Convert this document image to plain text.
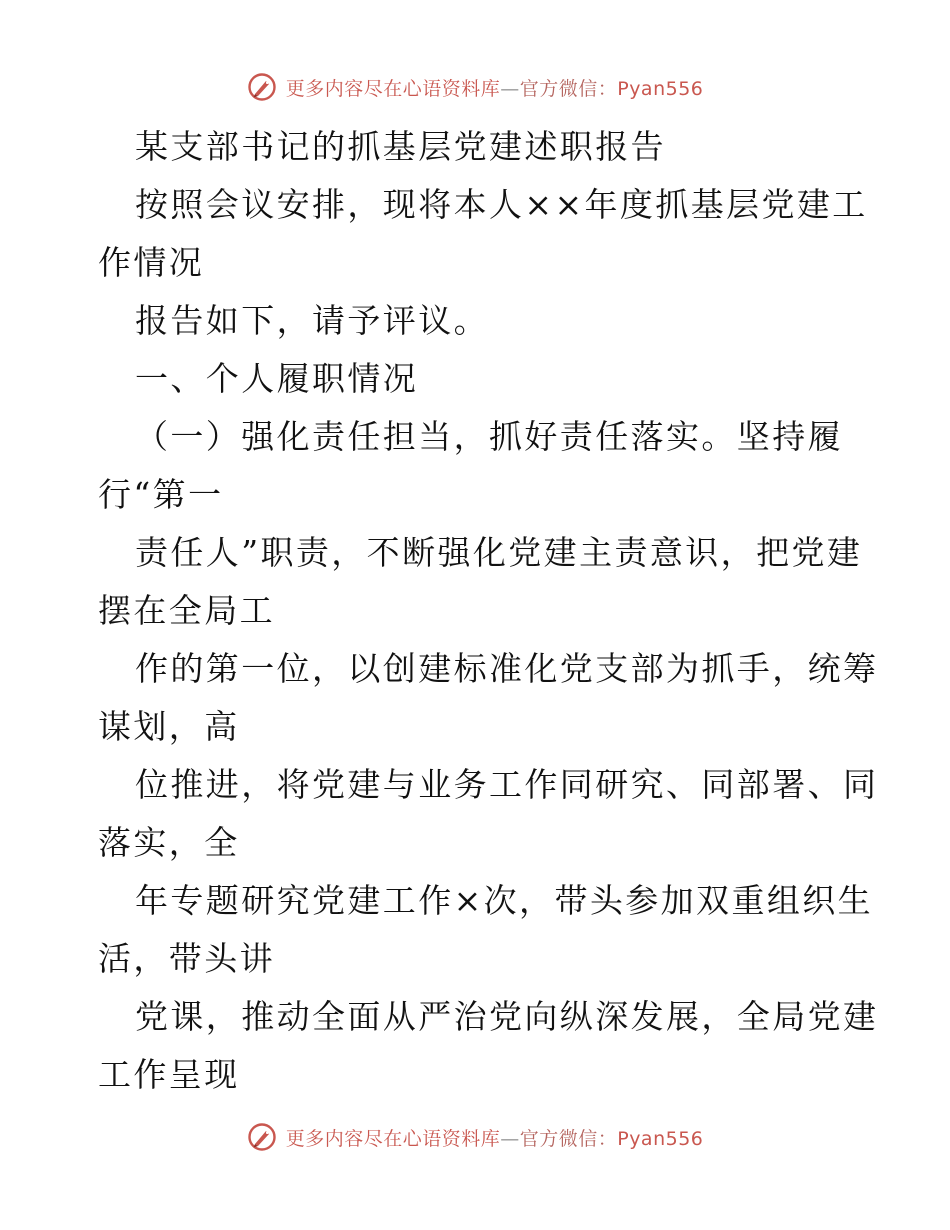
更多内容尽在心语资料库—官方微信：Pyan556
某支部书记的抓基层党建述职报告
按照会议安排，现将本人××年度抓基层党建工
作情况
报告如下，请予评议。
一、个人履职情况
（一）强化责任担当，抓好责任落实。坚持履
行“第一
责任人”职责，不断强化党建主责意识，把党建
摆在全局工
作的第一位，以创建标准化党支部为抓手，统筹
谋划，高
位推进，将党建与业务工作同研究、同部署、同
落实，全
年专题研究党建工作×次，带头参加双重组织生
活，带头讲
党课，推动全面从严治党向纵深发展，全局党建
工作呈现
更多内容尽在心语资料库—官方微信：Pyan556
